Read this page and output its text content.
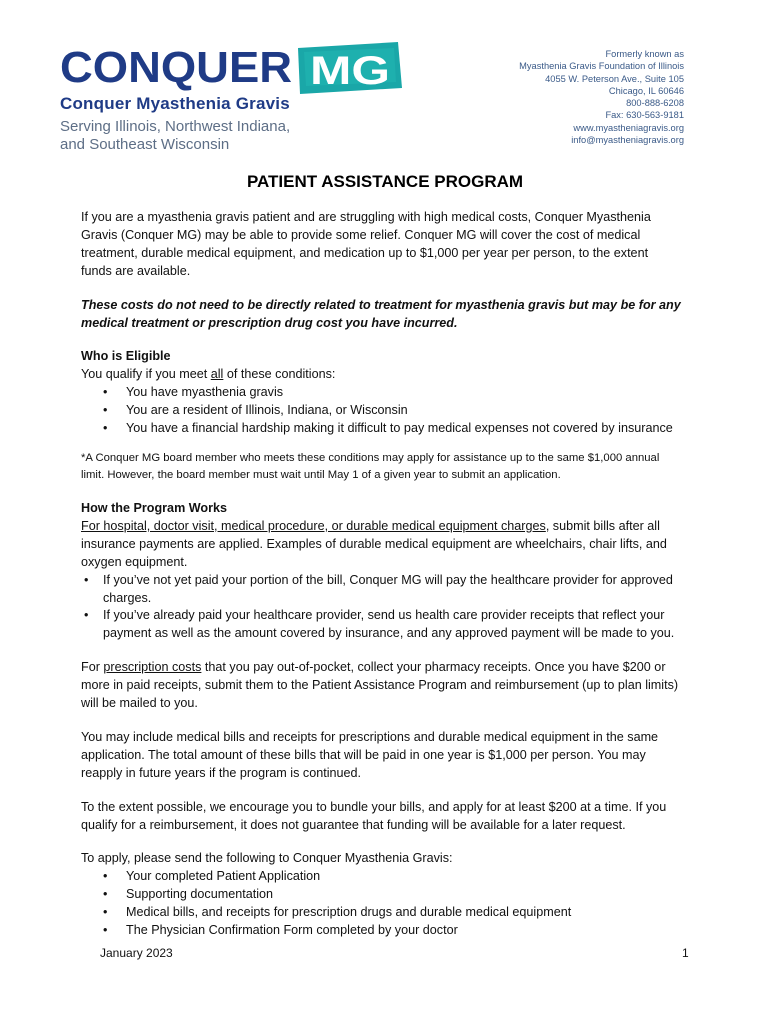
CONQUER MG
Conquer Myasthenia Gravis
Serving Illinois, Northwest Indiana,
and Southeast Wisconsin
Formerly known as
Myasthenia Gravis Foundation of Illinois
4055 W. Peterson Ave., Suite 105
Chicago, IL 60646
800-888-6208
Fax: 630-563-9181
www.myastheniagravis.org
info@myastheniagravis.org
PATIENT ASSISTANCE PROGRAM

If you are a myasthenia gravis patient and are struggling with high medical costs, Conquer Myasthenia Gravis (Conquer MG) may be able to provide some relief. Conquer MG will cover the cost of medical treatment, durable medical equipment, and medication up to $1,000 per year per person, to the extent funds are available.

These costs do not need to be directly related to treatment for myasthenia gravis but may be for any medical treatment or prescription drug cost you have incurred.

Who is Eligible

You qualify if you meet all of these conditions:

• You have myasthenia gravis
• You are a resident of Illinois, Indiana, or Wisconsin
• You have a financial hardship making it difficult to pay medical expenses not covered by insurance

*A Conquer MG board member who meets these conditions may apply for assistance up to the same $1,000 annual limit. However, the board member must wait until May 1 of a given year to submit an application.

How the Program Works

For hospital, doctor visit, medical procedure, or durable medical equipment charges, submit bills after all insurance payments are applied. Examples of durable medical equipment are wheelchairs, chair lifts, and oxygen equipment.

• If you’ve not yet paid your portion of the bill, Conquer MG will pay the healthcare provider for approved charges.
• If you’ve already paid your healthcare provider, send us health care provider receipts that reflect your payment as well as the amount covered by insurance, and any approved payment will be made to you.

For prescription costs that you pay out-of-pocket, collect your pharmacy receipts. Once you have $200 or more in paid receipts, submit them to the Patient Assistance Program and reimbursement (up to plan limits) will be mailed to you.

You may include medical bills and receipts for prescriptions and durable medical equipment in the same application. The total amount of these bills that will be paid in one year is $1,000 per person. You may reapply in future years if the program is continued.

To the extent possible, we encourage you to bundle your bills, and apply for at least $200 at a time. If you qualify for a reimbursement, it does not guarantee that funding will be available for a later request.

To apply, please send the following to Conquer Myasthenia Gravis:

• Your completed Patient Application
• Supporting documentation
• Medical bills, and receipts for prescription drugs and durable medical equipment
• The Physician Confirmation Form completed by your doctor
January 2023	1
